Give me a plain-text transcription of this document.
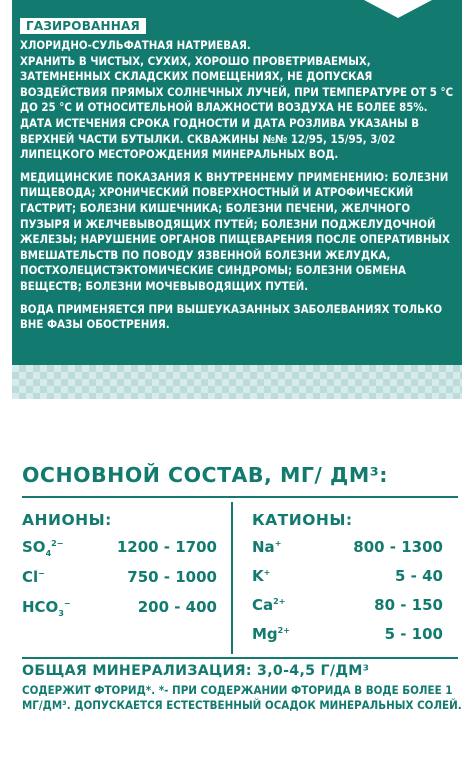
ГАЗИРОВАННАЯ

ХЛОРИДНО-СУЛЬФАТНАЯ НАТРИЕВАЯ.
ХРАНИТЬ В ЧИСТЫХ, СУХИХ, ХОРОШО ПРОВЕТРИВАЕМЫХ, ЗАТЕМНЕННЫХ СКЛАДСКИХ ПОМЕЩЕНИЯХ, НЕ ДОПУСКАЯ ВОЗДЕЙСТВИЯ ПРЯМЫХ СОЛНЕЧНЫХ ЛУЧЕЙ, ПРИ ТЕМПЕРАТУРЕ ОТ 5 °С ДО 25 °С И ОТНОСИТЕЛЬНОЙ ВЛАЖНОСТИ ВОЗДУХА НЕ БОЛЕЕ 85%. ДАТА ИСТЕЧЕНИЯ СРОКА ГОДНОСТИ И ДАТА РОЗЛИВА УКАЗАНЫ В ВЕРХНЕЙ ЧАСТИ БУТЫЛКИ. СКВАЖИНЫ №№ 12/95, 15/95, 3/02 ЛИПЕЦКОГО МЕСТОРОЖДЕНИЯ МИНЕРАЛЬНЫХ ВОД.

МЕДИЦИНСКИЕ ПОКАЗАНИЯ К ВНУТРЕННЕМУ ПРИМЕНЕНИЮ: БОЛЕЗНИ ПИЩЕВОДА; ХРОНИЧЕСКИЙ ПОВЕРХНОСТНЫЙ И АТРОФИЧЕСКИЙ ГАСТРИТ; БОЛЕЗНИ КИШЕЧНИКА; БОЛЕЗНИ ПЕЧЕНИ, ЖЕЛЧНОГО ПУЗЫРЯ И ЖЕЛЧЕВЫВОДЯЩИХ ПУТЕЙ; БОЛЕЗНИ ПОДЖЕЛУДОЧНОЙ ЖЕЛЕЗЫ; НАРУШЕНИЕ ОРГАНОВ ПИЩЕВАРЕНИЯ ПОСЛЕ ОПЕРАТИВНЫХ ВМЕШАТЕЛЬСТВ ПО ПОВОДУ ЯЗВЕННОЙ БОЛЕЗНИ ЖЕЛУДКА, ПОСТХОЛЕЦИСТЭКТОМИЧЕСКИЕ СИНДРОМЫ; БОЛЕЗНИ ОБМЕНА ВЕЩЕСТВ; БОЛЕЗНИ МОЧЕВЫВОДЯЩИХ ПУТЕЙ.

ВОДА ПРИМЕНЯЕТСЯ ПРИ ВЫШЕУКАЗАННЫХ ЗАБОЛЕВАНИЯХ ТОЛЬКО ВНЕ ФАЗЫ ОБОСТРЕНИЯ.

ОСНОВНОЙ СОСТАВ, МГ/ ДМ³:
АНИОНЫ:	КАТИОНЫ:
$SO_4^{2-}$	1200 - 1700
Cl−	750 - 1000
$HCO_3^-$	200 - 400
Na+	800 - 1300
K+	5 - 40
$Ca^{2+}$	80 - 150
$Mg^{2+}$	5 - 100
ОБЩАЯ МИНЕРАЛИЗАЦИЯ: 3,0-4,5 Г/ДМ³
СОДЕРЖИТ ФТОРИД*. *- ПРИ СОДЕРЖАНИИ ФТОРИДА В ВОДЕ БОЛЕЕ 1 МГ/ДМ³. ДОПУСКАЕТСЯ ЕСТЕСТВЕННЫЙ ОСАДОК МИНЕРАЛЬНЫХ СОЛЕЙ.
